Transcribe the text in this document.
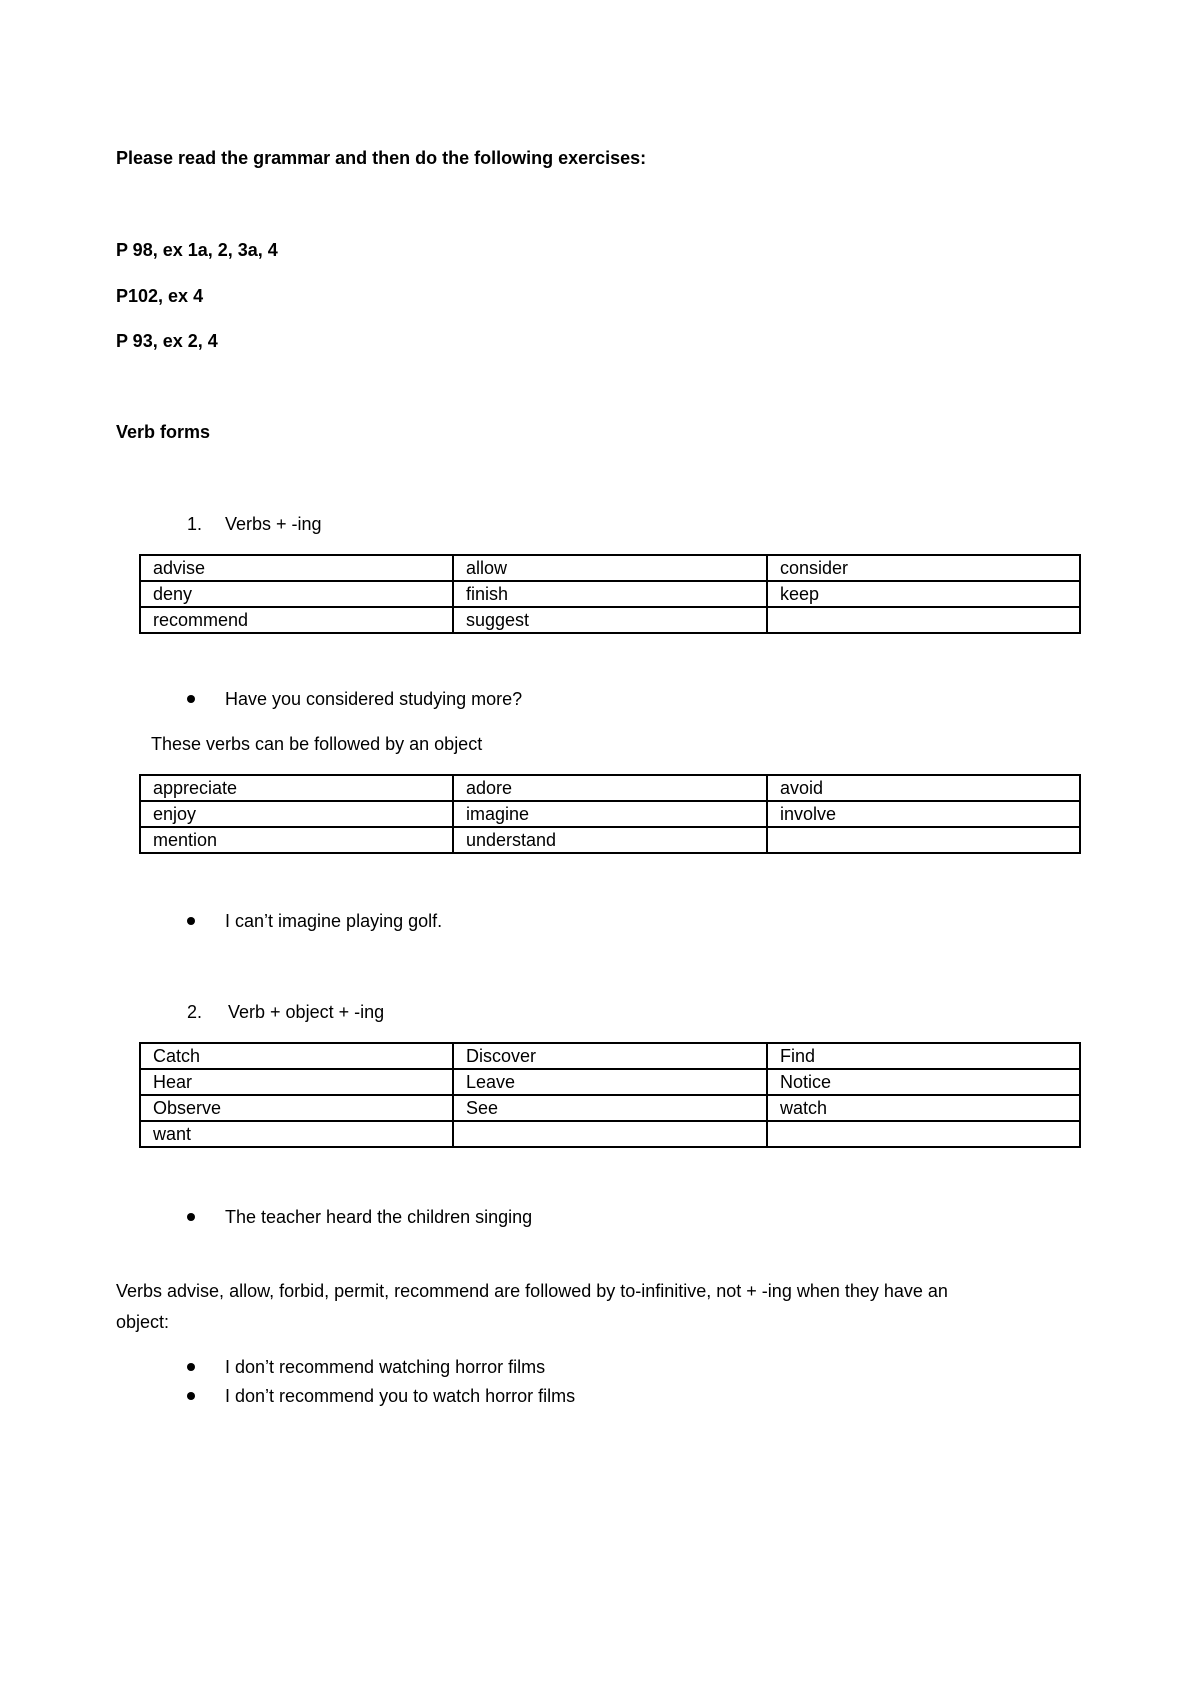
Please read the grammar and then do the following exercises:
P 98, ex 1a, 2, 3a, 4
P102, ex 4
P 93, ex 2, 4
Verb forms
1. Verbs + -ing
advise	allow	consider
deny	finish	keep
recommend	suggest	
Have you considered studying more?
These verbs can be followed by an object
appreciate	adore	avoid
enjoy	imagine	involve
mention	understand	
I can’t imagine playing golf.
2. Verb + object + -ing
Catch	Discover	Find
Hear	Leave	Notice
Observe	See	watch
want		
The teacher heard the children singing
Verbs advise, allow, forbid, permit, recommend are followed by to-infinitive, not + -ing when they have an
object:
I don’t recommend watching horror films
I don’t recommend you to watch horror films
